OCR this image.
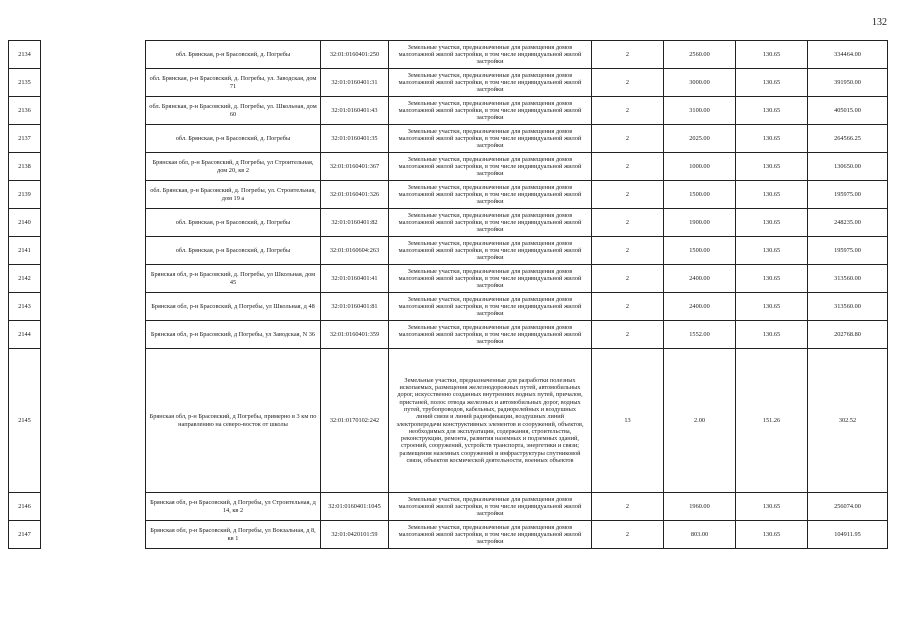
132
2134		обл. Брянская, р-н Брасовский, д. Погребы	32:01:0160401:250	Земельные участки, предназначенные для размещения домов малоэтажной жилой застройки, в том числе индивидуальной жилой застройки	2	2560.00	130.65	334464.00
2135		обл. Брянская, р-н Брасовский, д. Погребы, ул. Заводская, дом 71	32:01:0160401:31	Земельные участки, предназначенные для размещения домов малоэтажной жилой застройки, в том числе индивидуальной жилой застройки	2	3000.00	130.65	391950.00
2136		обл. Брянская, р-н Брасовский, д. Погребы, ул. Школьная, дом 60	32:01:0160401:43	Земельные участки, предназначенные для размещения домов малоэтажной жилой застройки, в том числе индивидуальной жилой застройки	2	3100.00	130.65	405015.00
2137		обл. Брянская, р-н Брасовский, д. Погребы	32:01:0160401:35	Земельные участки, предназначенные для размещения домов малоэтажной жилой застройки, в том числе индивидуальной жилой застройки	2	2025.00	130.65	264566.25
2138		Брянская обл, р-н Брасовский, д Погребы, ул Строительная, дом 20, кв 2	32:01:0160401:367	Земельные участки, предназначенные для размещения домов малоэтажной жилой застройки, в том числе индивидуальной жилой застройки	2	1000.00	130.65	130650.00
2139		обл. Брянская, р-н Брасовский, д. Погребы, ул. Строительная, дом 19 а	32:01:0160401:326	Земельные участки, предназначенные для размещения домов малоэтажной жилой застройки, в том числе индивидуальной жилой застройки	2	1500.00	130.65	195975.00
2140		обл. Брянская, р-н Брасовский, д. Погребы	32:01:0160401:82	Земельные участки, предназначенные для размещения домов малоэтажной жилой застройки, в том числе индивидуальной жилой застройки	2	1900.00	130.65	248235.00
2141		обл. Брянская, р-н Брасовский, д. Погребы	32:01:0160604:263	Земельные участки, предназначенные для размещения домов малоэтажной жилой застройки, в том числе индивидуальной жилой застройки	2	1500.00	130.65	195975.00
2142		Брянская обл, р-н Брасовский, д. Погребы, ул Школьная, дом 45	32:01:0160401:41	Земельные участки, предназначенные для размещения домов малоэтажной жилой застройки, в том числе индивидуальной жилой застройки	2	2400.00	130.65	313560.00
2143		Брянская обл, р-н Брасовский, д Погребы, ул Школьная, д 48	32:01:0160401:81	Земельные участки, предназначенные для размещения домов малоэтажной жилой застройки, в том числе индивидуальной жилой застройки	2	2400.00	130.65	313560.00
2144		Брянская обл, р-н Брасовский, д Погребы, ул Заводская, N 36	32:01:0160401:359	Земельные участки, предназначенные для размещения домов малоэтажной жилой застройки, в том числе индивидуальной жилой застройки	2	1552.00	130.65	202768.80
2145		Брянская обл, р-н Брасовский, д Погребы, примерно в 3 км по направлению на северо-восток от школы	32:01:0170102:242	Земельные участки, предназначенные для разработки полезных ископаемых, размещения железнодорожных путей, автомобильных дорог, искусственно созданных внутренних водных путей, причалов, пристаней, полос отвода железных и автомобильных дорог, водных путей, трубопроводов, кабельных, радиорелейных и воздушных линий связи и линий радиофикации, воздушных линий электропередачи конструктивных элементов и сооружений, объектов, необходимых для эксплуатации, содержания, строительства, реконструкции, ремонта, развития наземных и подземных зданий, строений, сооружений, устройств транспорта, энергетики и связи; размещения наземных сооружений и инфраструктуры спутниковой связи, объектов космической деятельности, военных объектов	13	2.00	151.26	302.52
2146		Брянская обл, р-н Брасовский, д Погребы, ул Строительная, д 14, кв 2	32:01:0160401:1045	Земельные участки, предназначенные для размещения домов малоэтажной жилой застройки, в том числе индивидуальной жилой застройки	2	1960.00	130.65	256074.00
2147		Брянская обл, р-н Брасовский, д Погребы, ул Вокзальная, д 8, кв 1	32:01:0420101:59	Земельные участки, предназначенные для размещения домов малоэтажной жилой застройки, в том числе индивидуальной жилой застройки	2	803.00	130.65	104911.95
